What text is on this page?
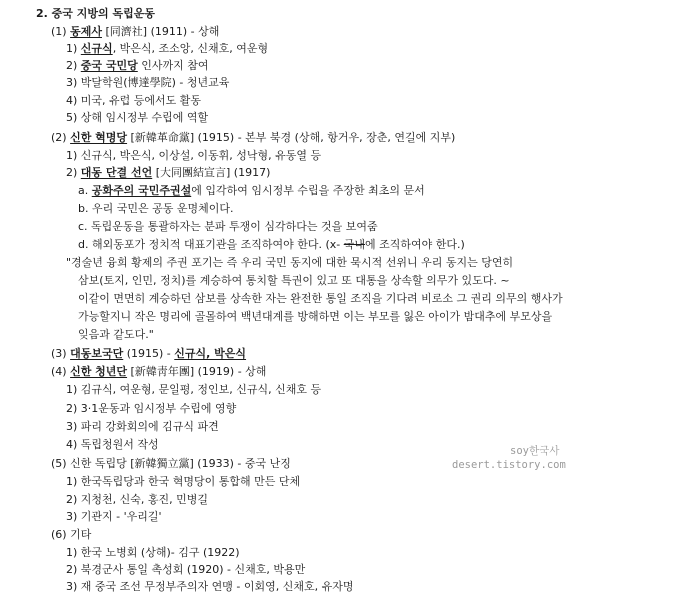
2. 중국 지방의 독립운동
(1) 동제사 [同濟社] (1911) - 상해
1) 신규식, 박은식, 조소앙, 신채호, 여운형
2) 중국 국민당 인사까지 참여
3) 박달학원(博達學院) - 청년교육
4) 미국, 유럽 등에서도 활동
5) 상해 임시정부 수립에 역할
(2) 신한 혁명당 [新韓革命黨] (1915) - 본부 북경 (상해, 항거우, 장춘, 연길에 지부)
1) 신규식, 박은식, 이상설, 이동휘, 성낙형, 유동열 등
2) 대동 단결 선언 [大同團結宣言] (1917)
a. 공화주의 국민주권설에 입각하여 임시정부 수립을 주장한 최초의 문서
b. 우리 국민은 공동 운명체이다.
c. 독립운동을 통괄하자는 분파 투쟁이 심각하다는 것을 보여줌
d. 해외동포가 정치적 대표기관을 조직하여야 한다. (x- 국내에 조직하여야 한다.)
"경술년 융희 황제의 주권 포기는 즉 우리 국민 동지에 대한 묵시적 선위니 우리 동지는 당연히
삼보(토지, 인민, 정치)를 계승하여 통치할 특권이 있고 또 대통을 상속할 의무가 있도다. ~
이같이 면면히 계승하던 삼보를 상속한 자는 완전한 통일 조직을 기다려 비로소 그 권리 의무의 행사가
가능할지니 작은 명리에 골몰하여 백년대계를 방해하면 이는 부모를 잃은 아이가 밤대추에 부모상을
잊음과 같도다."
(3) 대동보국단 (1915) - 신규식, 박은식
(4) 신한 청년단 [新韓靑年團] (1919) - 상해
1) 김규식, 여운형, 문일평, 정인보, 신규식, 신채호 등
2) 3·1운동과 임시정부 수립에 영향
3) 파리 강화회의에 김규식 파견
4) 독립청원서 작성
(5) 신한 독립당 [新韓獨立黨] (1933) - 중국 난징
1) 한국독립당과 한국 혁명당이 통합해 만든 단체
2) 지청천, 신숙, 홍진, 민병길
3) 기관지 - '우리길'
(6) 기타
1) 한국 노병회 (상해)- 김구 (1922)
2) 북경군사 통일 촉성회 (1920) - 신채호, 박용만
3) 재 중국 조선 무정부주의자 연맹 - 이회영, 신채호, 유자명
soy한국사
desert.tistory.com
